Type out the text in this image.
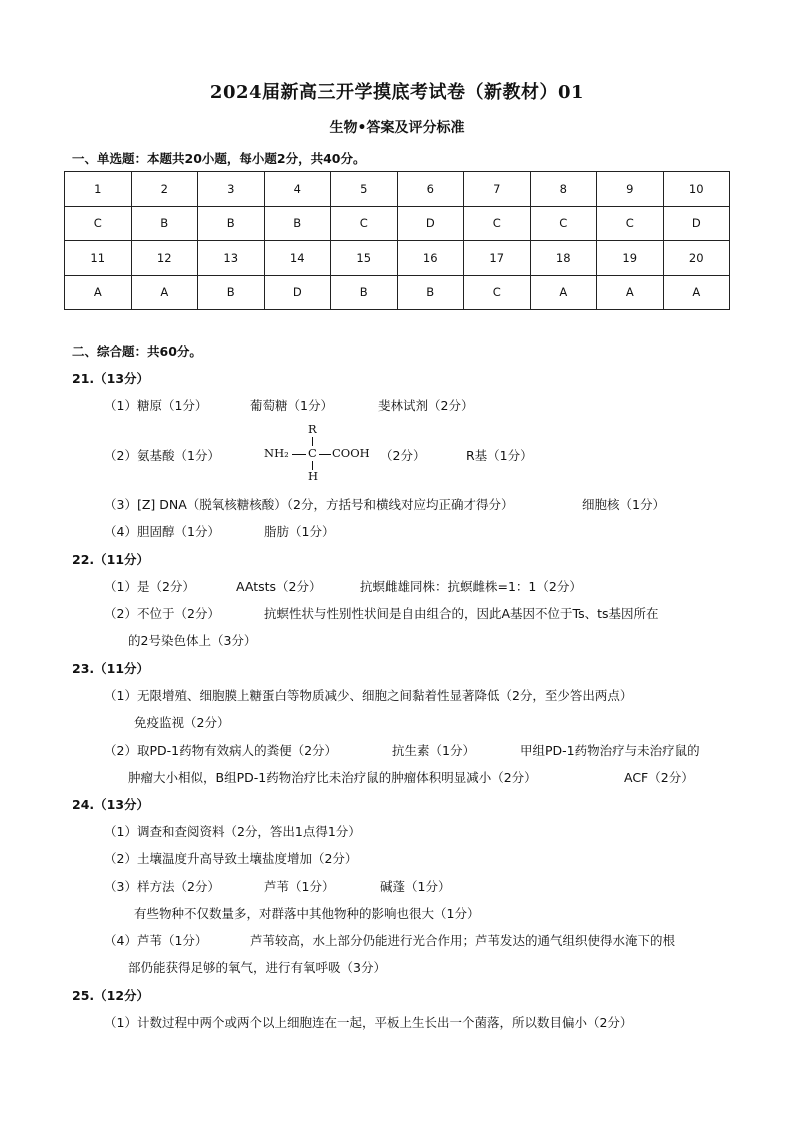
2024届新高三开学摸底考试卷（新教材）01
生物•答案及评分标准
一、单选题：本题共20小题，每小题2分，共40分。
1	2	3	4	5	6	7	8	9	10
C	B	B	B	C	D	C	C	C	D
11	12	13	14	15	16	17	18	19	20
A	A	B	D	B	B	C	A	A	A
二、综合题：共60分。
21.（13分）
（1）糖原（1分）	葡萄糖（1分）	斐林试剂（2分）
（2）氨基酸（1分）
R
NH₂ C COOH
H
（2分）	R基（1分）
（3）[Z] DNA（脱氧核糖核酸）（2分，方括号和横线对应均正确才得分）	细胞核（1分）
（4）胆固醇（1分）	脂肪（1分）
22.（11分）
（1）是（2分）	AAtsts（2分）	抗螟雌雄同株：抗螟雌株=1：1（2分）
（2）不位于（2分）	抗螟性状与性别性状间是自由组合的，因此A基因不位于Ts、ts基因所在
的2号染色体上（3分）
23.（11分）
（1）无限增殖、细胞膜上糖蛋白等物质减少、细胞之间黏着性显著降低（2分，至少答出两点）
免疫监视（2分）
（2）取PD-1药物有效病人的粪便（2分）	抗生素（1分）	甲组PD-1药物治疗与未治疗鼠的
肿瘤大小相似，B组PD-1药物治疗比未治疗鼠的肿瘤体积明显减小（2分）	ACF（2分）
24.（13分）
（1）调查和查阅资料（2分，答出1点得1分）
（2）土壤温度升高导致土壤盐度增加（2分）
（3）样方法（2分）	芦苇（1分）	碱蓬（1分）
有些物种不仅数量多，对群落中其他物种的影响也很大（1分）
（4）芦苇（1分）	芦苇较高，水上部分仍能进行光合作用；芦苇发达的通气组织使得水淹下的根
部仍能获得足够的氧气，进行有氧呼吸（3分）
25.（12分）
（1）计数过程中两个或两个以上细胞连在一起，平板上生长出一个菌落，所以数目偏小（2分）
